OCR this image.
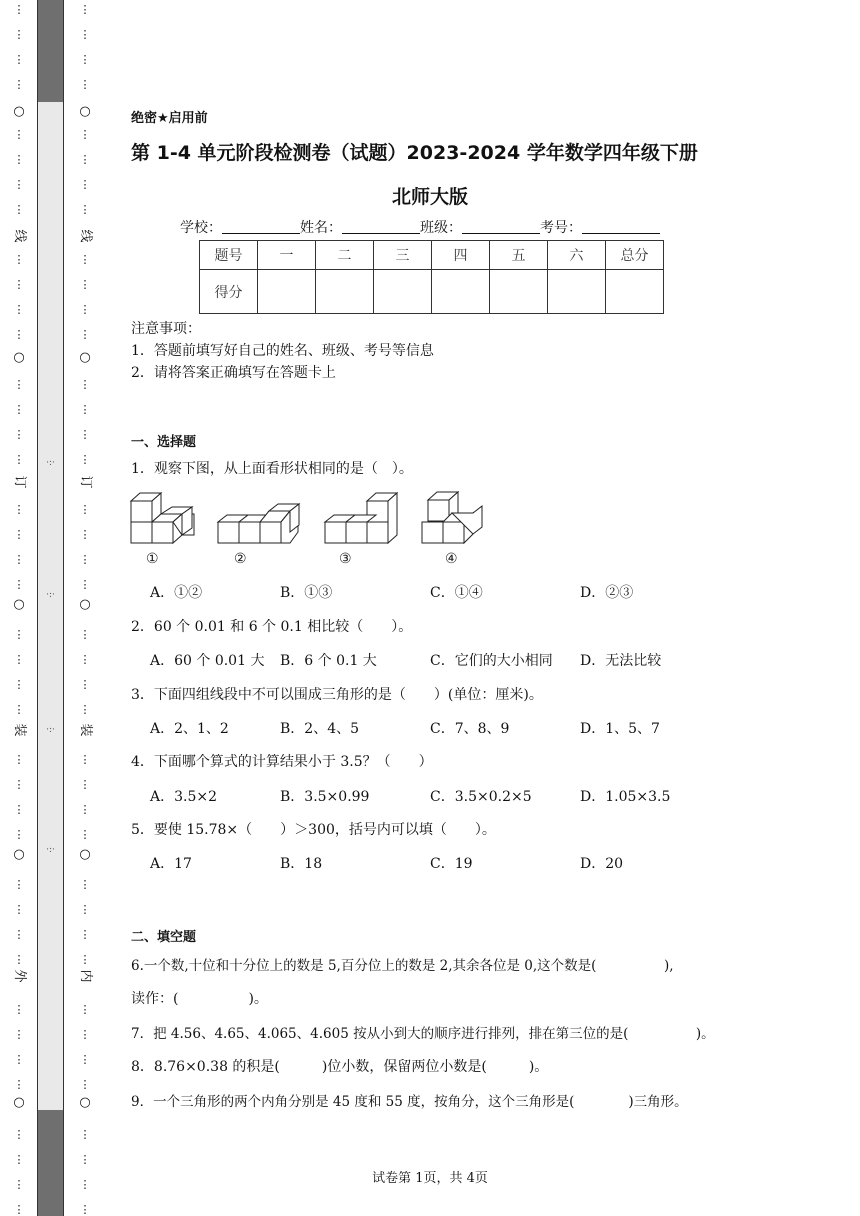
·:·
·:·
·:·
·:·
⋮
⋮
⋮
⋮
⋮
⋮
⋮
⋮
⋮
⋮
⋮
⋮
⋮
⋮
⋮
⋮
⋮
⋮
⋮
⋮
⋮
⋮
⋮
⋮
⋮
⋮
⋮
⋮
⋮
⋮
⋮
⋮
⋮
⋮
⋮
⋮
⋮
⋮
⋮
⋮
○
○
○
○
○
线
订
装
外
⋮
⋮
⋮
⋮
⋮
⋮
⋮
⋮
⋮
⋮
⋮
⋮
⋮
⋮
⋮
⋮
⋮
⋮
⋮
⋮
⋮
⋮
⋮
⋮
⋮
⋮
⋮
⋮
⋮
⋮
⋮
⋮
⋮
⋮
⋮
⋮
⋮
⋮
⋮
⋮
○
○
○
○
○
线
订
装
内
绝密★启用前
第 1-4 单元阶段检测卷（试题）2023-2024 学年数学四年级下册
北师大版
学校：	姓名：	班级：	考号：
题号	一	二	三	四	五	六	总分
得分							
注意事项：
1．答题前填写好自己的姓名、班级、考号等信息
2．请将答案正确填写在答题卡上
一、选择题
1．观察下图，从上面看形状相同的是（　）。
①	②	③	④
A．①②	B．①③	C．①④	D．②③
2．60 个 0.01 和 6 个 0.1 相比较（　　）。
A．60 个 0.01 大 B．6 个 0.1 大	C．它们的大小相同 D．无法比较
3．下面四组线段中不可以围成三角形的是（　　）(单位：厘米)。
A．2、1、2	B．2、4、5	C．7、8、9	D．1、5、7
4．下面哪个算式的计算结果小于 3.5？（　　）
A．3.5×2	B．3.5×0.99	C．3.5×0.2×5	D．1.05×3.5
5．要使 15.78×（　　）＞300，括号内可以填（　　）。
A．17	B．18	C．19	D．20
二、填空题
6.一个数,十位和十分位上的数是 5,百分位上的数是 2,其余各位是 0,这个数是(　　　　　),
读作：(　　　　　)。
7．把 4.56、4.65、4.065、4.605 按从小到大的顺序进行排列，排在第三位的是(　　　　　)。
8．8.76×0.38 的积是(　　　)位小数，保留两位小数是(　　　)。
9．一个三角形的两个内角分别是 45 度和 55 度，按角分，这个三角形是(　　　　)三角形。
试卷第 1页，共 4页
